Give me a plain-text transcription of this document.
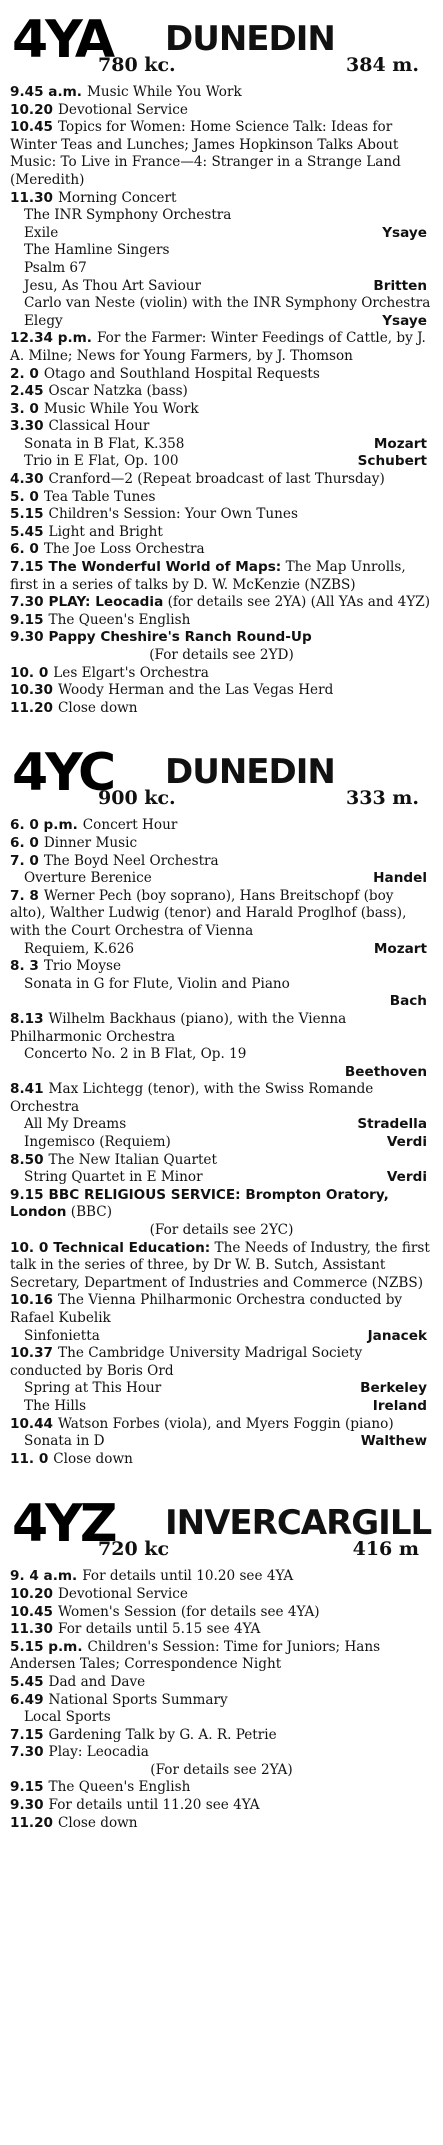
4YA DUNEDIN
780 kc.	384 m.
9.45 a.m. Music While You Work
10.20 Devotional Service
10.45 Topics for Women: Home Science Talk: Ideas for Winter Teas and Lunches; James Hopkinson Talks About Music: To Live in France—4: Stranger in a Strange Land (Meredith)
11.30 Morning Concert
The INR Symphony Orchestra
Exile	Ysaye
The Hamline Singers
Psalm 67
Jesu, As Thou Art Saviour	Britten
Carlo van Neste (violin) with the INR Symphony Orchestra
Elegy	Ysaye
12.34 p.m. For the Farmer: Winter Feedings of Cattle, by J. A. Milne; News for Young Farmers, by J. Thomson
2. 0 Otago and Southland Hospital Requests
2.45 Oscar Natzka (bass)
3. 0 Music While You Work
3.30 Classical Hour
Sonata in B Flat, K.358	Mozart
Trio in E Flat, Op. 100	Schubert
4.30 Cranford—2 (Repeat broadcast of last Thursday)
5. 0 Tea Table Tunes
5.15 Children's Session: Your Own Tunes
5.45 Light and Bright
6. 0 The Joe Loss Orchestra
7.15 The Wonderful World of Maps: The Map Unrolls, first in a series of talks by D. W. McKenzie (NZBS)
7.30 PLAY: Leocadia (for details see 2YA) (All YAs and 4YZ)
9.15 The Queen's English
9.30 Pappy Cheshire's Ranch Round-Up
(For details see 2YD)
10. 0 Les Elgart's Orchestra
10.30 Woody Herman and the Las Vegas Herd
11.20 Close down
4YC DUNEDIN
900 kc.	333 m.
6. 0 p.m. Concert Hour
6. 0 Dinner Music
7. 0 The Boyd Neel Orchestra
Overture Berenice	Handel
7. 8 Werner Pech (boy soprano), Hans Breitschopf (boy alto), Walther Ludwig (tenor) and Harald Proglhof (bass), with the Court Orchestra of Vienna
Requiem, K.626	Mozart
8. 3 Trio Moyse
Sonata in G for Flute, Violin and Piano
Bach
8.13 Wilhelm Backhaus (piano), with the Vienna Philharmonic Orchestra
Concerto No. 2 in B Flat, Op. 19
Beethoven
8.41 Max Lichtegg (tenor), with the Swiss Romande Orchestra
All My Dreams	Stradella
Ingemisco (Requiem)	Verdi
8.50 The New Italian Quartet
String Quartet in E Minor	Verdi
9.15 BBC RELIGIOUS SERVICE: Brompton Oratory, London (BBC)
(For details see 2YC)
10. 0 Technical Education: The Needs of Industry, the first talk in the series of three, by Dr W. B. Sutch, Assistant Secretary, Department of Industries and Commerce (NZBS)
10.16 The Vienna Philharmonic Orchestra conducted by Rafael Kubelik
Sinfonietta	Janacek
10.37 The Cambridge University Madrigal Society conducted by Boris Ord
Spring at This Hour	Berkeley
The Hills	Ireland
10.44 Watson Forbes (viola), and Myers Foggin (piano)
Sonata in D	Walthew
11. 0 Close down
4YZ INVERCARGILL
720 kc	416 m
9. 4 a.m. For details until 10.20 see 4YA
10.20 Devotional Service
10.45 Women's Session (for details see 4YA)
11.30 For details until 5.15 see 4YA
5.15 p.m. Children's Session: Time for Juniors; Hans Andersen Tales; Correspondence Night
5.45 Dad and Dave
6.49 National Sports Summary
Local Sports
7.15 Gardening Talk by G. A. R. Petrie
7.30 Play: Leocadia
(For details see 2YA)
9.15 The Queen's English
9.30 For details until 11.20 see 4YA
11.20 Close down
